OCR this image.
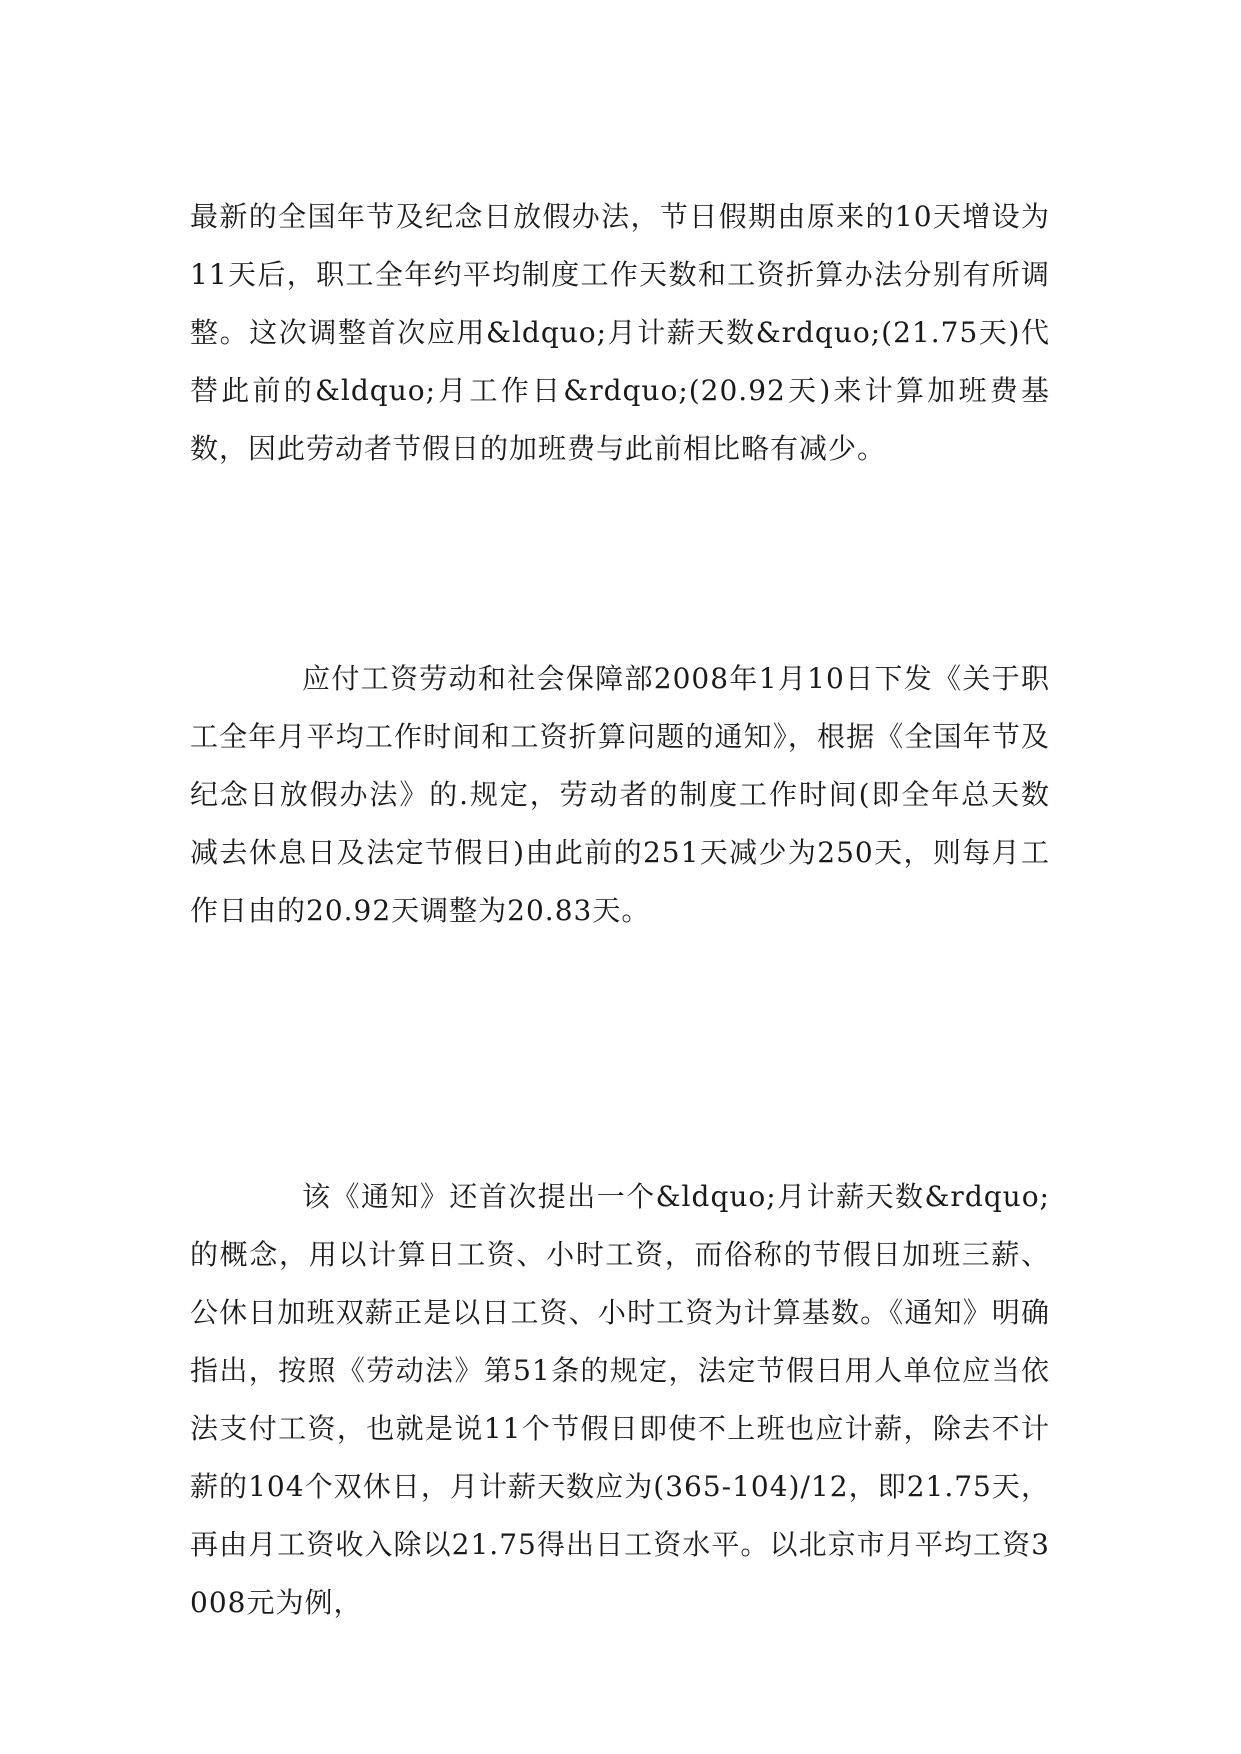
最新的全国年节及纪念日放假办法，节日假期由原来的10天增设为11天后，职工全年约平均制度工作天数和工资折算办法分别有所调整。这次调整首次应用&ldquo;月计薪天数&rdquo;(21.75天)代替此前的&ldquo;月工作日&rdquo;(20.92天)来计算加班费基数，因此劳动者节假日的加班费与此前相比略有减少。

应付工资劳动和社会保障部2008年1月10日下发《关于职工全年月平均工作时间和工资折算问题的通知》，根据《全国年节及纪念日放假办法》的.规定，劳动者的制度工作时间(即全年总天数减去休息日及法定节假日)由此前的251天减少为250天，则每月工作日由的20.92天调整为20.83天。

该《通知》还首次提出一个&ldquo;月计薪天数&rdquo;的概念，用以计算日工资、小时工资，而俗称的节假日加班三薪、公休日加班双薪正是以日工资、小时工资为计算基数。《通知》明确指出，按照《劳动法》第51条的规定，法定节假日用人单位应当依法支付工资，也就是说11个节假日即使不上班也应计薪，除去不计薪的104个双休日，月计薪天数应为(365-104)/12，即21.75天，再由月工资收入除以21.75得出日工资水平。以北京市月平均工资3008元为例，
